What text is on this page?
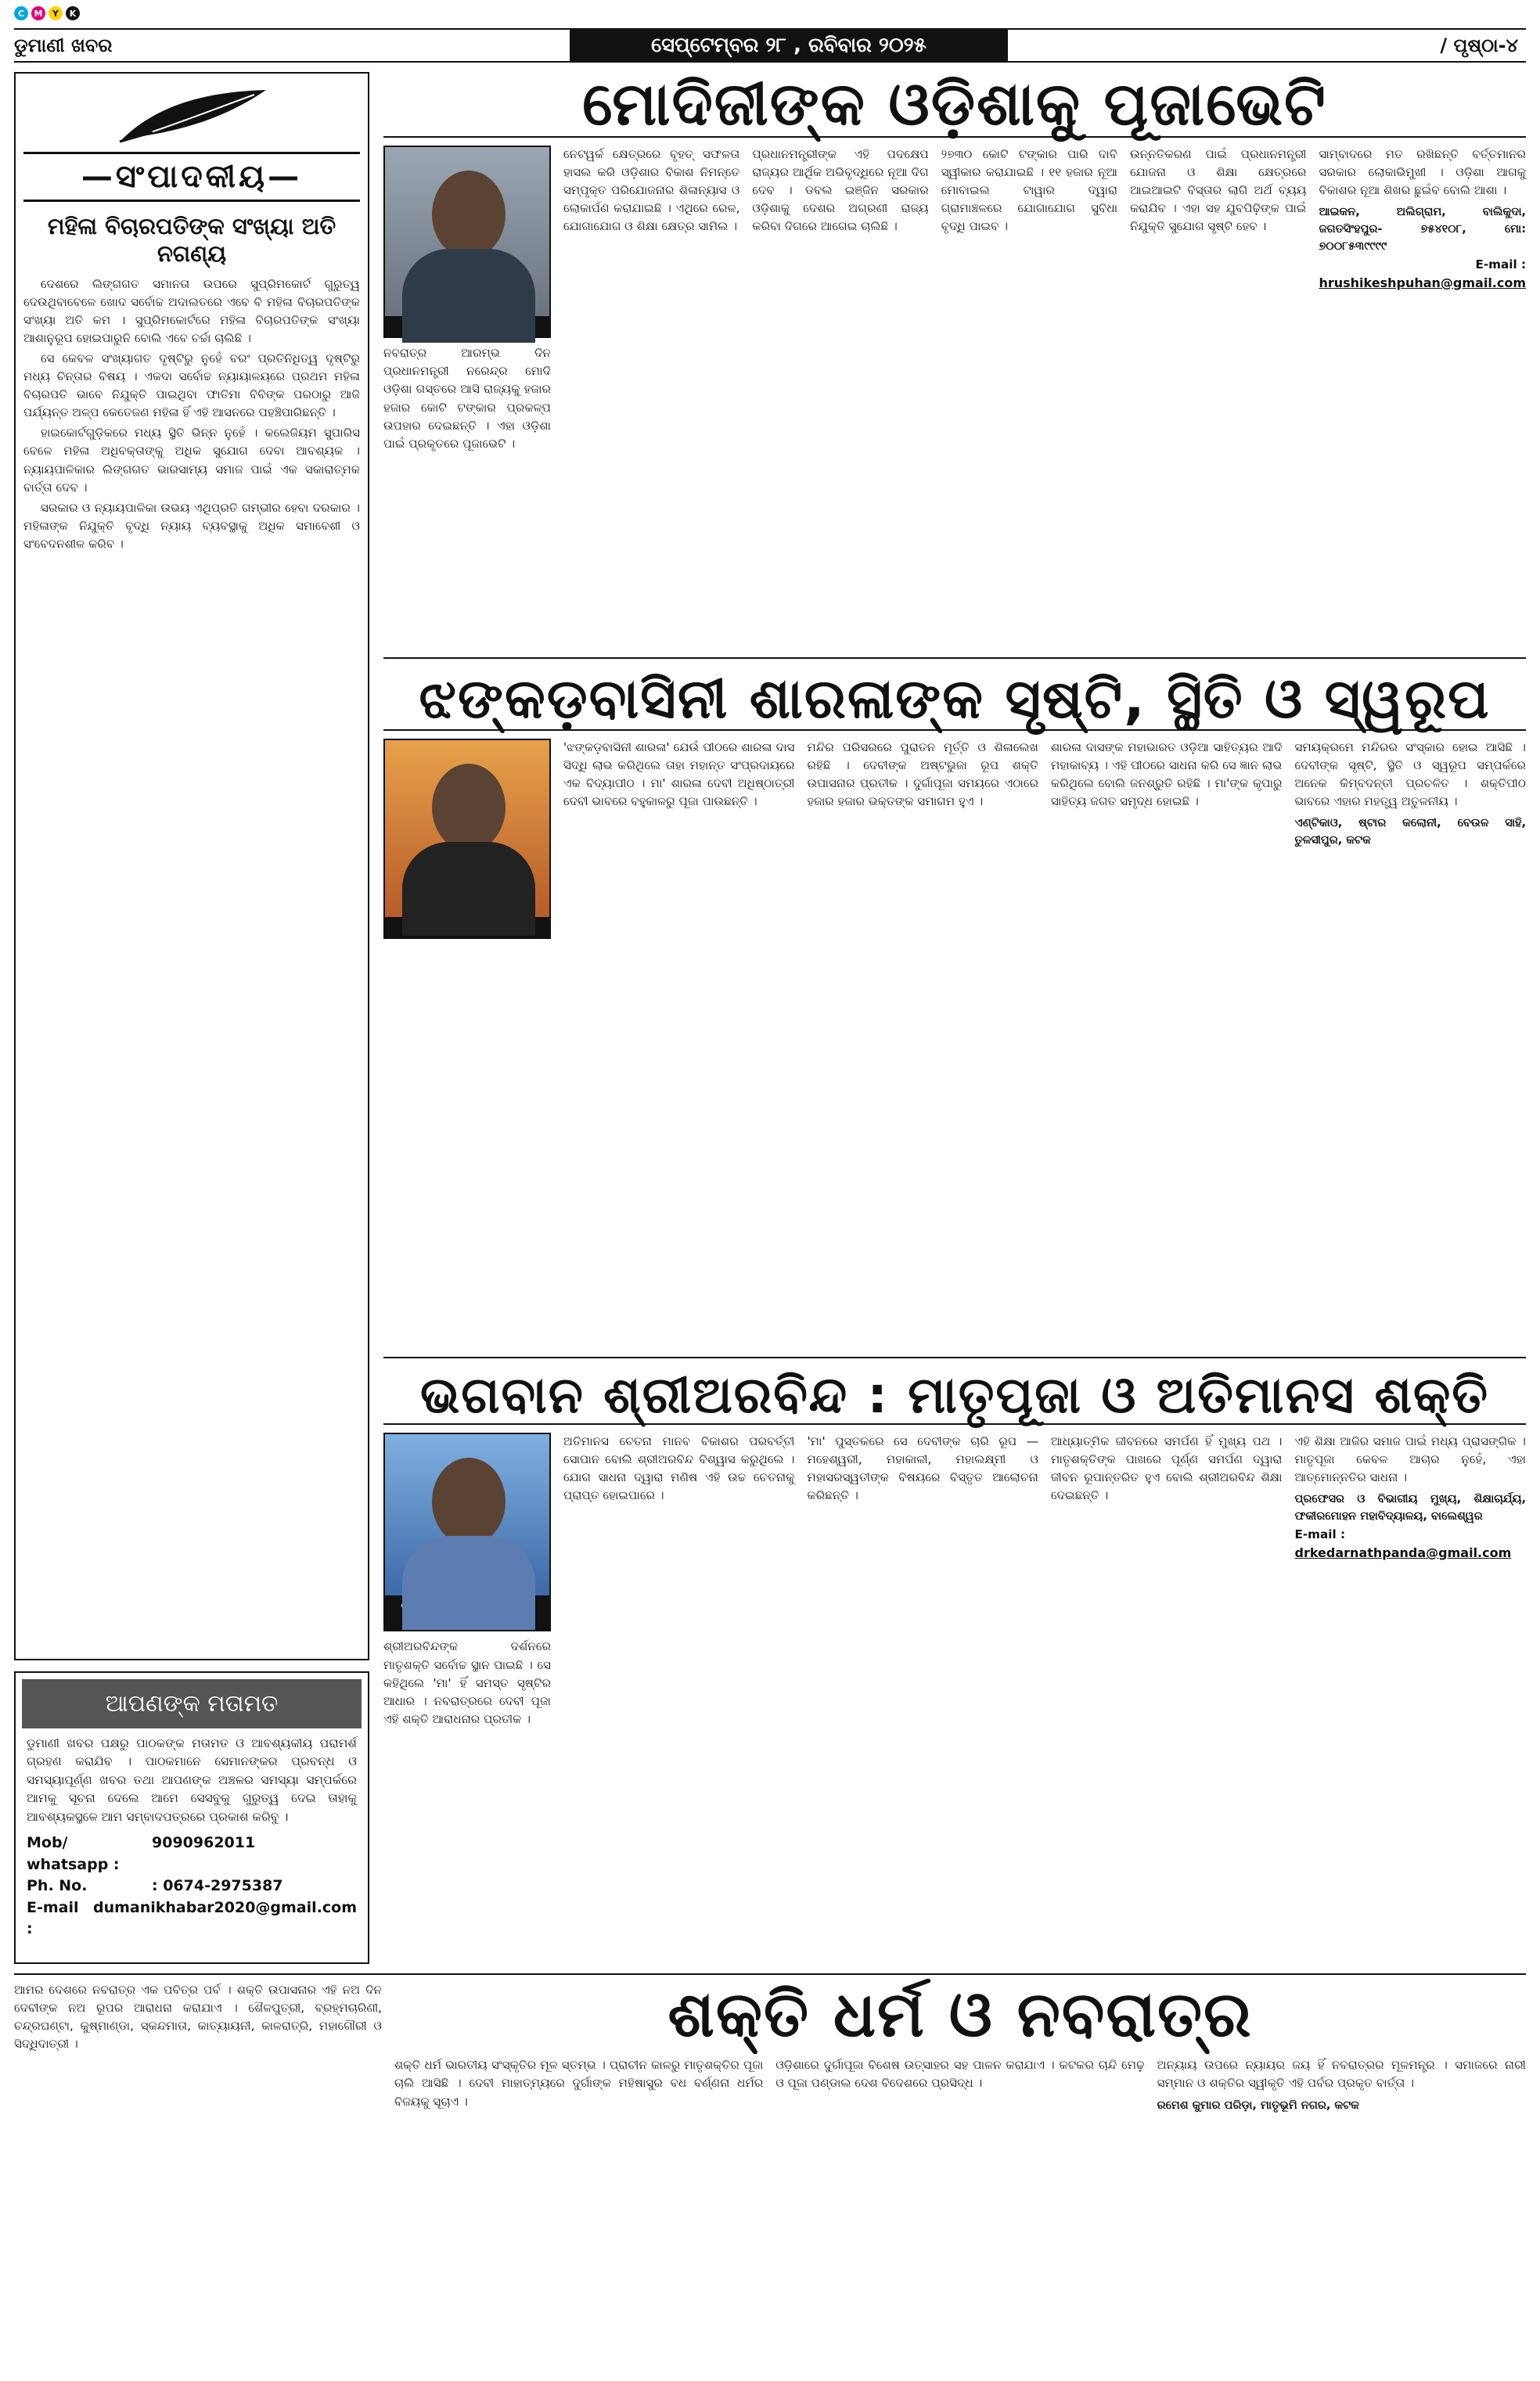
C	M	Y	K
ଡୁମାଣୀ ଖବର	ସେପ୍ଟେମ୍ବର ୨୮ , ରବିବାର ୨୦୨୫	/ ପୃଷ୍ଠା-୪
—ସଂପାଦକୀୟ—
ମହିଳା ବିଚାରପତିଙ୍କ ସଂଖ୍ୟା ଅତି ନଗଣ୍ୟ

ଦେଶରେ ଲିଙ୍ଗଗତ ସମାନତା ଉପରେ ସୁପ୍ରିମକୋର୍ଟ ଗୁରୁତ୍ୱ ଦେଉଥିବାବେଳେ ଖୋଦ ସର୍ବୋଚ୍ଚ ଅଦାଲତରେ ଏବେ ବି ମହିଳା ବିଚାରପତିଙ୍କ ସଂଖ୍ୟା ଅତି କମ । ସୁପ୍ରିମକୋର୍ଟରେ ମହିଳା ବିଚାରପତିଙ୍କ ସଂଖ୍ୟା ଆଶାନୁରୂପ ହୋଇପାରୁନି ବୋଲି ଏବେ ଚର୍ଚ୍ଚା ଚାଲିଛି ।

ସେ କେବଳ ସଂଖ୍ୟାଗତ ଦୃଷ୍ଟିରୁ ନୁହେଁ ବରଂ ପ୍ରତିନିଧିତ୍ୱ ଦୃଷ୍ଟିରୁ ମଧ୍ୟ ଚିନ୍ତାର ବିଷୟ । ଏକଦା ସର୍ବୋଚ୍ଚ ନ୍ୟାୟାଳୟରେ ପ୍ରଥମ ମହିଳା ବିଚାରପତି ଭାବେ ନିଯୁକ୍ତି ପାଇଥିବା ଫାତିମା ବିବିଙ୍କ ପରଠାରୁ ଆଜି ପର୍ଯ୍ୟନ୍ତ ଅଳ୍ପ କେତେଜଣ ମହିଳା ହିଁ ଏହି ଆସନରେ ପହଞ୍ଚିପାରିଛନ୍ତି ।

ହାଇକୋର୍ଟଗୁଡ଼ିକରେ ମଧ୍ୟ ସ୍ଥିତି ଭିନ୍ନ ନୁହେଁ । କଲେଜିୟମ ସୁପାରିସ ବେଳେ ମହିଳା ଅଧିବକ୍ତାଙ୍କୁ ଅଧିକ ସୁଯୋଗ ଦେବା ଆବଶ୍ୟକ । ନ୍ୟାୟପାଳିକାର ଲିଙ୍ଗଗତ ଭାରସାମ୍ୟ ସମାଜ ପାଇଁ ଏକ ସକାରାତ୍ମକ ବାର୍ତ୍ତା ଦେବ ।

ସରକାର ଓ ନ୍ୟାୟପାଳିକା ଉଭୟ ଏଥିପ୍ରତି ଗମ୍ଭୀର ହେବା ଦରକାର । ମହିଳାଙ୍କ ନିଯୁକ୍ତି ବୃଦ୍ଧି ନ୍ୟାୟ ବ୍ୟବସ୍ଥାକୁ ଅଧିକ ସମାବେଶୀ ଓ ସଂବେଦନଶୀଳ କରିବ ।

ଆପଣଙ୍କ ମତାମତ
ଡୁମାଣୀ ଖବର ପକ୍ଷରୁ ପାଠକଙ୍କ ମତାମତ ଓ ଆବଶ୍ୟକୀୟ ପରାମର୍ଶ ଗ୍ରହଣ କରାଯିବ । ପାଠକମାନେ ସେମାନଙ୍କର ପ୍ରବନ୍ଧ ଓ ସମସ୍ୟାପୂର୍ଣ୍ଣ ଖବର ତଥା ଆପଣଙ୍କ ଅଞ୍ଚଳର ସମସ୍ୟା ସମ୍ପର୍କରେ ଆମକୁ ସୂଚନା ଦେଲେ ଆମେ ସେସବୁକୁ ଗୁରୁତ୍ୱ ଦେଇ ତାହାକୁ ଆବଶ୍ୟକସ୍ଥଳେ ଆମ ସମ୍ବାଦପତ୍ରରେ ପ୍ରକାଶ କରିବୁ ।
Mob/ whatsapp :
9090962011
Ph. No.	: 0674-2975387
E-mail :

dumanikhabar2020@gmail.com
ମୋଦିଜୀଙ୍କ ଓଡ଼ିଶାକୁ ପୂଜାଭେଟି

ନବରାତ୍ର ଆରମ୍ଭ ଦିନ ପ୍ରଧାନମନ୍ତ୍ରୀ ନରେନ୍ଦ୍ର ମୋଦି ଓଡ଼ିଶା ଗସ୍ତରେ ଆସି ରାଜ୍ୟକୁ ହଜାର ହଜାର କୋଟି ଟଙ୍କାର ପ୍ରକଳ୍ପ ଉପହାର ଦେଇଛନ୍ତି । ଏହା ଓଡ଼ିଶା ପାଇଁ ପ୍ରକୃତରେ ପୂଜାଭେଟି ।

ନେଟୱର୍କ କ୍ଷେତ୍ରରେ ବୃହତ୍ ସଫଳତା ହାସଲ କରି ଓଡ଼ିଶାର ବିକାଶ ନିମନ୍ତେ ସମ୍ପୃକ୍ତ ପରିଯୋଜନାର ଶିଳାନ୍ୟାସ ଓ ଲୋକାର୍ପଣ କରାଯାଇଛି । ଏଥିରେ ରେଳ, ଯୋଗାଯୋଗ ଓ ଶିକ୍ଷା କ୍ଷେତ୍ର ସାମିଲ ।

ପ୍ରଧାନମନ୍ତ୍ରୀଙ୍କ ଏହି ପଦକ୍ଷେପ ରାଜ୍ୟର ଆର୍ଥିକ ଅଭିବୃଦ୍ଧିରେ ନୂଆ ଦିଗ ଦେବ । ଡବଲ ଇଞ୍ଜିନ ସରକାର ଓଡ଼ିଶାକୁ ଦେଶର ଅଗ୍ରଣୀ ରାଜ୍ୟ କରିବା ଦିଗରେ ଆଗେଇ ଚାଲିଛି ।

୨୭୩୦ କୋଟି ଟଙ୍କାର ପାରି ଦାବି ସ୍ୱୀକାର କରାଯାଇଛି । ୧୧ ହଜାର ନୂଆ ମୋବାଇଲ ଟାୱାର ଦ୍ୱାରା ଗ୍ରାମାଞ୍ଚଳରେ ଯୋଗାଯୋଗ ସୁବିଧା ବୃଦ୍ଧି ପାଇବ ।

ଉନ୍ନତିକରଣ ପାଇଁ ପ୍ରଧାନମନ୍ତ୍ରୀ ଯୋଜନା ଓ ଶିକ୍ଷା କ୍ଷେତ୍ରରେ ଆଇଆଇଟି ବିସ୍ତାର ଲାଗି ଅର୍ଥ ବ୍ୟୟ କରାଯିବ । ଏହା ସହ ଯୁବପିଢ଼ିଙ୍କ ପାଇଁ ନିଯୁକ୍ତି ସୁଯୋଗ ସୃଷ୍ଟି ହେବ ।

ସାମ୍ବାଦରେ ମତ ରଖିଛନ୍ତି ବର୍ତ୍ତମାନର ସରକାର ଲୋକାଭିମୁଖୀ । ଓଡ଼ିଶା ଆଗକୁ ବିକାଶର ନୂଆ ଶିଖର ଛୁଇଁବ ବୋଲି ଆଶା ।

ଆଇକନ, ଅଲିଗ୍ରାମ, ବାଲିକୁଦା, ଜଗତସିଂହପୁର- ୭୫୪୧୦୮, ମୋ: ୭୦୦୮୫୩୯୯୯୯
E-mail :
hrushikeshpuhan@gmail.com
ଝଙ୍କଡ଼ବାସିନୀ ଶାରଳାଙ୍କ ସୃଷ୍ଟି, ସ୍ଥିତି ଓ ସ୍ୱରୂପ

'ଝଙ୍କଡ଼ବାସିନୀ ଶାରଳା' ଯେଉଁ ପୀଠରେ ଶାରଳା ଦାସ ସିଦ୍ଧି ଲାଭ କରିଥିଲେ ତାହା ମହାନ୍ତ ସଂପ୍ରଦାୟରେ ଏକ ବିଦ୍ୟାପୀଠ । ମା' ଶାରଳା ଦେବୀ ଅଧିଷ୍ଠାତ୍ରୀ ଦେବୀ ଭାବରେ ବହୁକାଳରୁ ପୂଜା ପାଉଛନ୍ତି ।

ମନ୍ଦିର ପରିସରରେ ପୁରାତନ ମୂର୍ତ୍ତି ଓ ଶିଳାଲେଖ ରହିଛି । ଦେବୀଙ୍କ ଅଷ୍ଟଭୁଜା ରୂପ ଶକ୍ତି ଉପାସନାର ପ୍ରତୀକ । ଦୁର୍ଗାପୂଜା ସମୟରେ ଏଠାରେ ହଜାର ହଜାର ଭକ୍ତଙ୍କ ସମାଗମ ହୁଏ ।

ଶାରଳା ଦାସଙ୍କ ମହାଭାରତ ଓଡ଼ିଆ ସାହିତ୍ୟର ଆଦି ମହାକାବ୍ୟ । ଏହି ପୀଠରେ ସାଧନା କରି ସେ ଜ୍ଞାନ ଲାଭ କରିଥିଲେ ବୋଲି ଜନଶ୍ରୁତି ରହିଛି । ମା'ଙ୍କ କୃପାରୁ ସାହିତ୍ୟ ଜଗତ ସମୃଦ୍ଧ ହୋଇଛି ।

ସମୟକ୍ରମେ ମନ୍ଦିରର ସଂସ୍କାର ହୋଇ ଆସିଛି । ଦେବୀଙ୍କ ସୃଷ୍ଟି, ସ୍ଥିତି ଓ ସ୍ୱରୂପ ସମ୍ପର୍କରେ ଅନେକ କିମ୍ବଦନ୍ତୀ ପ୍ରଚଳିତ । ଶକ୍ତିପୀଠ ଭାବରେ ଏହାର ମହତ୍ତ୍ୱ ଅତୁଳନୀୟ ।

ଏଣ୍ଟିକାଓ, ଷ୍ଟାର କଲୋନୀ, ବେଉଳ ସାହି, ତୁଳସୀପୁର, କଟକ
ଭଗବାନ ଶ୍ରୀଅରବିନ୍ଦ : ମାତୃପୂଜା ଓ ଅତିମାନସ ଶକ୍ତି

ଶ୍ରୀଅରବିନ୍ଦଙ୍କ ଦର୍ଶନରେ ମାତୃଶକ୍ତି ସର୍ବୋଚ୍ଚ ସ୍ଥାନ ପାଇଛି । ସେ କହିଥିଲେ 'ମା' ହିଁ ସମସ୍ତ ସୃଷ୍ଟିର ଆଧାର । ନବରାତ୍ରରେ ଦେବୀ ପୂଜା ଏହି ଶକ୍ତି ଆରାଧନାର ପ୍ରତୀକ ।

ଅତିମାନସ ଚେତନା ମାନବ ବିକାଶର ପରବର୍ତ୍ତୀ ସୋପାନ ବୋଲି ଶ୍ରୀଅରବିନ୍ଦ ବିଶ୍ୱାସ କରୁଥିଲେ । ଯୋଗ ସାଧନା ଦ୍ୱାରା ମଣିଷ ଏହି ଉଚ୍ଚ ଚେତନାକୁ ପ୍ରାପ୍ତ ହୋଇପାରେ ।

'ମା' ପୁସ୍ତକରେ ସେ ଦେବୀଙ୍କ ଚାରି ରୂପ — ମହେଶ୍ୱରୀ, ମହାକାଳୀ, ମହାଲକ୍ଷ୍ମୀ ଓ ମହାସରସ୍ୱତୀଙ୍କ ବିଷୟରେ ବିସ୍ତୃତ ଆଲୋଚନା କରିଛନ୍ତି ।

ଆଧ୍ୟାତ୍ମିକ ଜୀବନରେ ସମର୍ପଣ ହିଁ ମୁଖ୍ୟ ପଥ । ମାତୃଶକ୍ତିଙ୍କ ପାଖରେ ପୂର୍ଣ୍ଣ ସମର୍ପଣ ଦ୍ୱାରା ଜୀବନ ରୂପାନ୍ତରିତ ହୁଏ ବୋଲି ଶ୍ରୀଅରବିନ୍ଦ ଶିକ୍ଷା ଦେଇଛନ୍ତି ।

ଏହି ଶିକ୍ଷା ଆଜିର ସମାଜ ପାଇଁ ମଧ୍ୟ ପ୍ରାସଙ୍ଗିକ । ମାତୃପୂଜା କେବଳ ଆଚାର ନୁହେଁ, ଏହା ଆତ୍ମୋନ୍ନତିର ସାଧନା ।

ପ୍ରଫେସର ଓ ବିଭାଗୀୟ ମୁଖ୍ୟ, ଶିକ୍ଷାଚାର୍ଯ୍ୟ, ଫକୀରମୋହନ ମହାବିଦ୍ୟାଳୟ, ବାଲେଶ୍ୱର
E-mail :
drkedarnathpanda@gmail.com

ଆମର ଦେଶରେ ନବରାତ୍ର ଏକ ପବିତ୍ର ପର୍ବ । ଶକ୍ତି ଉପାସନାର ଏହି ନଅ ଦିନ ଦେବୀଙ୍କ ନଅ ରୂପର ଆରାଧନା କରାଯାଏ । ଶୈଳପୁତ୍ରୀ, ବ୍ରହ୍ମଚାରିଣୀ, ଚନ୍ଦ୍ରଘଣ୍ଟା, କୁଷ୍ମାଣ୍ଡା, ସ୍କନ୍ଦମାତା, କାତ୍ୟାୟନୀ, କାଳରାତ୍ରି, ମହାଗୌରୀ ଓ ସିଦ୍ଧିଦାତ୍ରୀ ।	ଶକ୍ତି ଧର୍ମ ଓ ନବରାତ୍ର

ଶକ୍ତି ଧର୍ମ ଭାରତୀୟ ସଂସ୍କୃତିର ମୂଳ ସ୍ତମ୍ଭ । ପ୍ରାଚୀନ କାଳରୁ ମାତୃଶକ୍ତିର ପୂଜା ଚାଲି ଆସିଛି । ଦେବୀ ମାହାତ୍ମ୍ୟରେ ଦୁର୍ଗାଙ୍କ ମହିଷାସୁର ବଧ ବର୍ଣ୍ଣନା ଧର୍ମର ବିଜୟକୁ ସୂଚାଏ ।

ଓଡ଼ିଶାରେ ଦୁର୍ଗାପୂଜା ବିଶେଷ ଉତ୍ସାହର ସହ ପାଳନ କରାଯାଏ । କଟକର ଚାନ୍ଦି ମେଢ଼ ଓ ପୂଜା ପଣ୍ଡାଲ ଦେଶ ବିଦେଶରେ ପ୍ରସିଦ୍ଧ ।

ଅନ୍ୟାୟ ଉପରେ ନ୍ୟାୟର ଜୟ ହିଁ ନବରାତ୍ରର ମୂଳମନ୍ତ୍ର । ସମାଜରେ ନାରୀ ସମ୍ମାନ ଓ ଶକ୍ତିର ସ୍ୱୀକୃତି ଏହି ପର୍ବର ପ୍ରକୃତ ବାର୍ତ୍ତା ।

ରମେଶ କୁମାର ପରିଡ଼ା, ମାତୃଭୂମି ନଗର, କଟକ
